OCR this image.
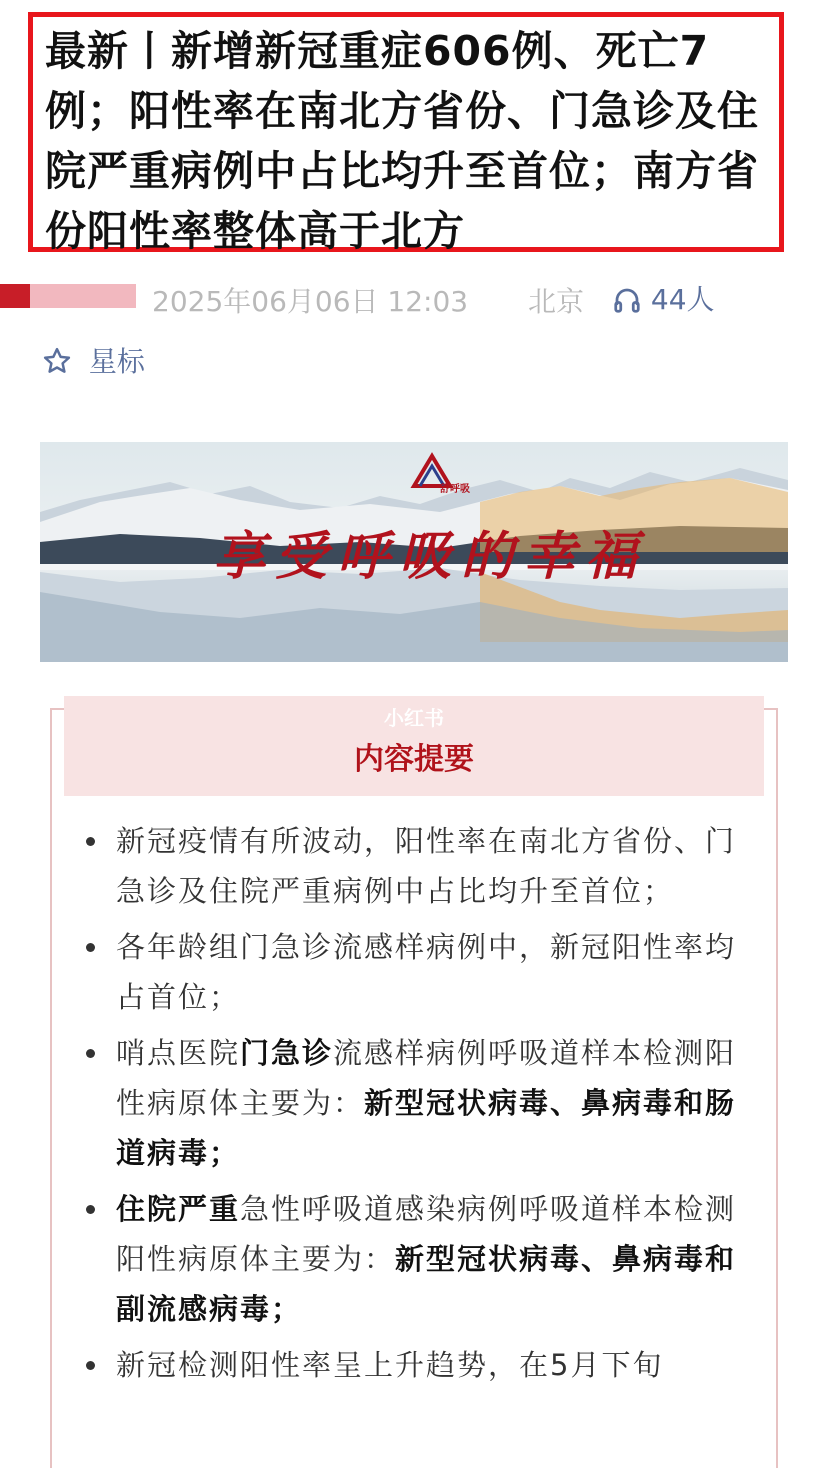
最新丨新增新冠重症606例、死亡7例；阳性率在南北方省份、门急诊及住院严重病例中占比均升至首位；南方省份阳性率整体高于北方
2025年06月06日 12:03 北京	44人
星标
舒呼吸
享受呼吸的幸福
小红书
内容提要
新冠疫情有所波动，阳性率在南北方省份、门急诊及住院严重病例中占比均升至首位；
各年龄组门急诊流感样病例中，新冠阳性率均占首位；
哨点医院门急诊流感样病例呼吸道样本检测阳性病原体主要为：新型冠状病毒、鼻病毒和肠道病毒；
住院严重急性呼吸道感染病例呼吸道样本检测阳性病原体主要为：新型冠状病毒、鼻病毒和副流感病毒；
新冠检测阳性率呈上升趋势，在5月下旬
